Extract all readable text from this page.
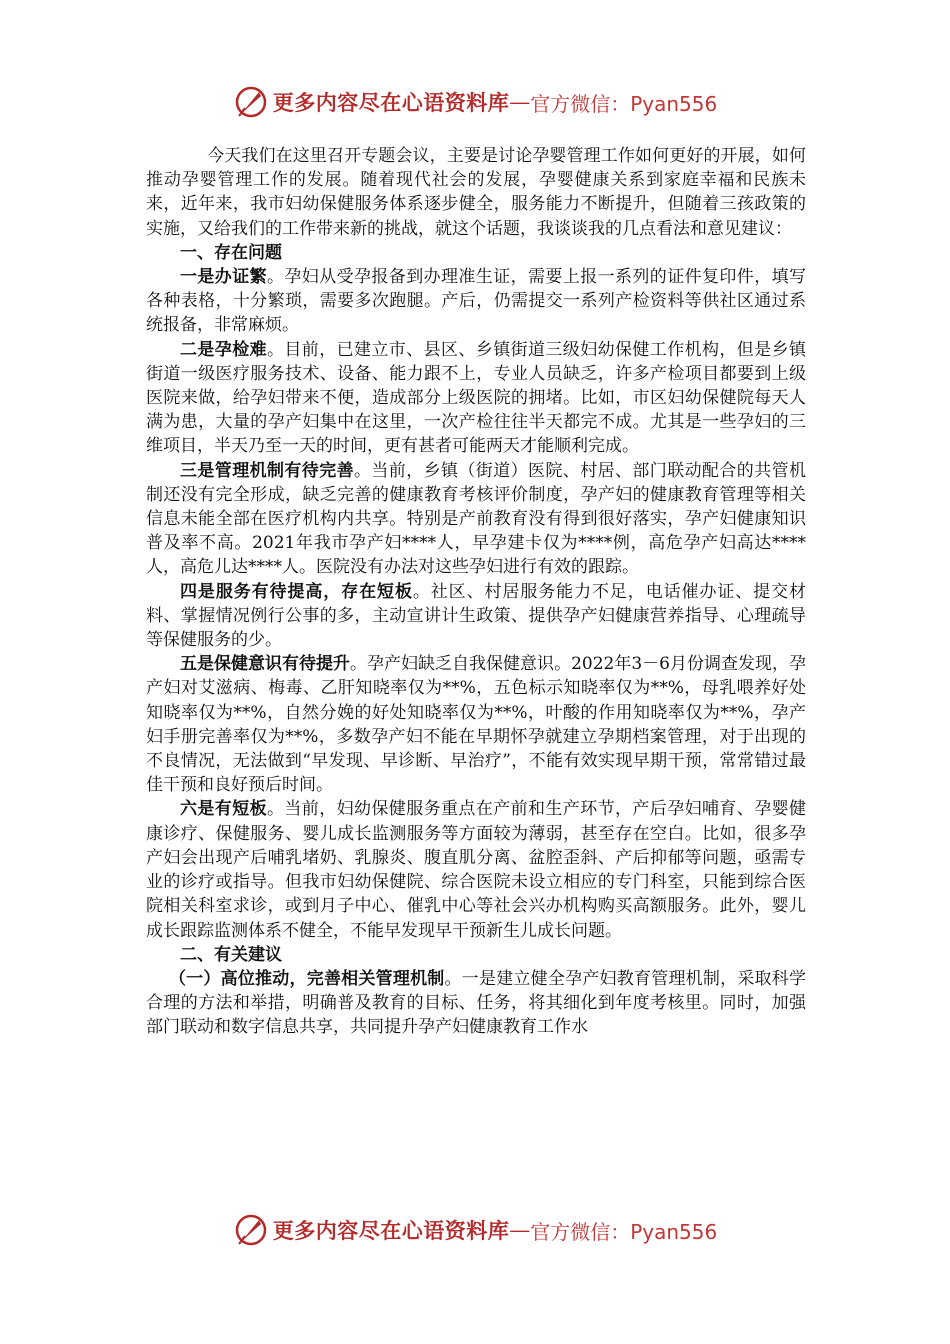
更多内容尽在心语资料库 — 官方微信：Pyan556

今天我们在这里召开专题会议，主要是讨论孕婴管理工作如何更好的开展，如何推动孕婴管理工作的发展。随着现代社会的发展，孕婴健康关系到家庭幸福和民族未来，近年来，我市妇幼保健服务体系逐步健全，服务能力不断提升，但随着三孩政策的实施，又给我们的工作带来新的挑战，就这个话题，我谈谈我的几点看法和意见建议：

一、存在问题

一是办证繁。孕妇从受孕报备到办理准生证，需要上报一系列的证件复印件，填写各种表格，十分繁琐，需要多次跑腿。产后，仍需提交一系列产检资料等供社区通过系统报备，非常麻烦。

二是孕检难。目前，已建立市、县区、乡镇街道三级妇幼保健工作机构，但是乡镇街道一级医疗服务技术、设备、能力跟不上，专业人员缺乏，许多产检项目都要到上级医院来做，给孕妇带来不便，造成部分上级医院的拥堵。比如，市区妇幼保健院每天人满为患，大量的孕产妇集中在这里，一次产检往往半天都完不成。尤其是一些孕妇的三维项目，半天乃至一天的时间，更有甚者可能两天才能顺利完成。

三是管理机制有待完善。当前，乡镇（街道）医院、村居、部门联动配合的共管机制还没有完全形成，缺乏完善的健康教育考核评价制度，孕产妇的健康教育管理等相关信息未能全部在医疗机构内共享。特别是产前教育没有得到很好落实，孕产妇健康知识普及率不高。2021年我市孕产妇****人，早孕建卡仅为****例，高危孕产妇高达****人，高危儿达****人。医院没有办法对这些孕妇进行有效的跟踪。

四是服务有待提高，存在短板。社区、村居服务能力不足，电话催办证、提交材料、掌握情况例行公事的多，主动宣讲计生政策、提供孕产妇健康营养指导、心理疏导等保健服务的少。

五是保健意识有待提升。孕产妇缺乏自我保健意识。2022年3－6月份调查发现，孕产妇对艾滋病、梅毒、乙肝知晓率仅为**%，五色标示知晓率仅为**%，母乳喂养好处知晓率仅为**%，自然分娩的好处知晓率仅为**%，叶酸的作用知晓率仅为**%，孕产妇手册完善率仅为**%，多数孕产妇不能在早期怀孕就建立孕期档案管理，对于出现的不良情况，无法做到“早发现、早诊断、早治疗”，不能有效实现早期干预，常常错过最佳干预和良好预后时间。

六是有短板。当前，妇幼保健服务重点在产前和生产环节，产后孕妇哺育、孕婴健康诊疗、保健服务、婴儿成长监测服务等方面较为薄弱，甚至存在空白。比如，很多孕产妇会出现产后哺乳堵奶、乳腺炎、腹直肌分离、盆腔歪斜、产后抑郁等问题，亟需专业的诊疗或指导。但我市妇幼保健院、综合医院未设立相应的专门科室，只能到综合医院相关科室求诊，或到月子中心、催乳中心等社会兴办机构购买高额服务。此外，婴儿成长跟踪监测体系不健全，不能早发现早干预新生儿成长问题。

二、有关建议

（一）高位推动，完善相关管理机制。一是建立健全孕产妇教育管理机制，采取科学合理的方法和举措，明确普及教育的目标、任务，将其细化到年度考核里。同时，加强部门联动和数字信息共享，共同提升孕产妇健康教育工作水

更多内容尽在心语资料库 — 官方微信：Pyan556
